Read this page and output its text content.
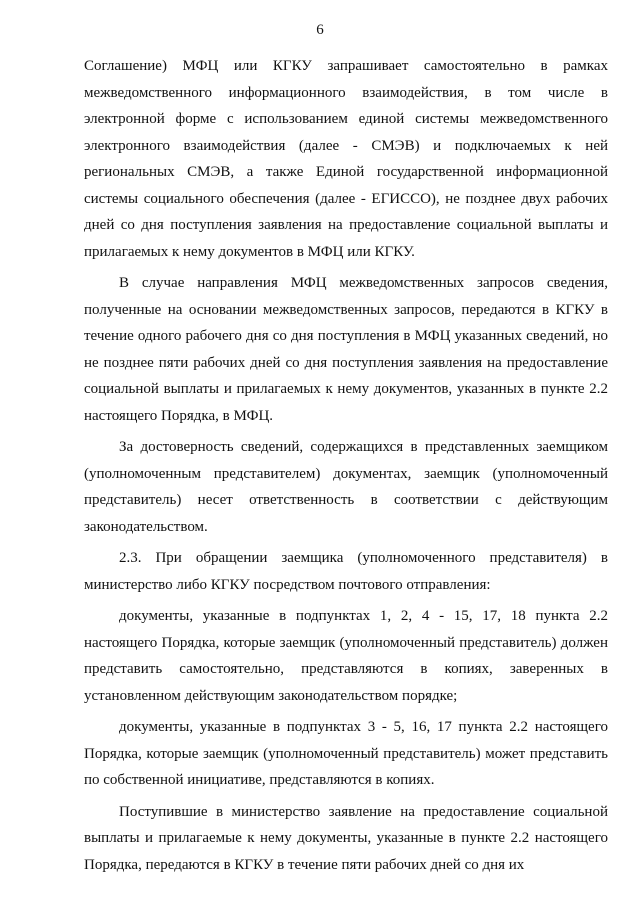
6

Соглашение) МФЦ или КГКУ запрашивает самостоятельно в рамках межведомственного информационного взаимодействия, в том числе в электронной форме с использованием единой системы межведомственного электронного взаимодействия (далее - СМЭВ) и подключаемых к ней региональных СМЭВ, а также Единой государственной информационной системы социального обеспечения (далее - ЕГИССО), не позднее двух рабочих дней со дня поступления заявления на предоставление социальной выплаты и прилагаемых к нему документов в МФЦ или КГКУ.

В случае направления МФЦ межведомственных запросов сведения, полученные на основании межведомственных запросов, передаются в КГКУ в течение одного рабочего дня со дня поступления в МФЦ указанных сведений, но не позднее пяти рабочих дней со дня поступления заявления на предоставление социальной выплаты и прилагаемых к нему документов, указанных в пункте 2.2 настоящего Порядка, в МФЦ.

За достоверность сведений, содержащихся в представленных заемщиком (уполномоченным представителем) документах, заемщик (уполномоченный представитель) несет ответственность в соответствии с действующим законодательством.

2.3. При обращении заемщика (уполномоченного представителя) в министерство либо КГКУ посредством почтового отправления:

документы, указанные в подпунктах 1, 2, 4 - 15, 17, 18 пункта 2.2 настоящего Порядка, которые заемщик (уполномоченный представитель) должен представить самостоятельно, представляются в копиях, заверенных в установленном действующим законодательством порядке;

документы, указанные в подпунктах 3 - 5, 16, 17 пункта 2.2 настоящего Порядка, которые заемщик (уполномоченный представитель) может представить по собственной инициативе, представляются в копиях.

Поступившие в министерство заявление на предоставление социальной выплаты и прилагаемые к нему документы, указанные в пункте 2.2 настоящего Порядка, передаются в КГКУ в течение пяти рабочих дней со дня их
